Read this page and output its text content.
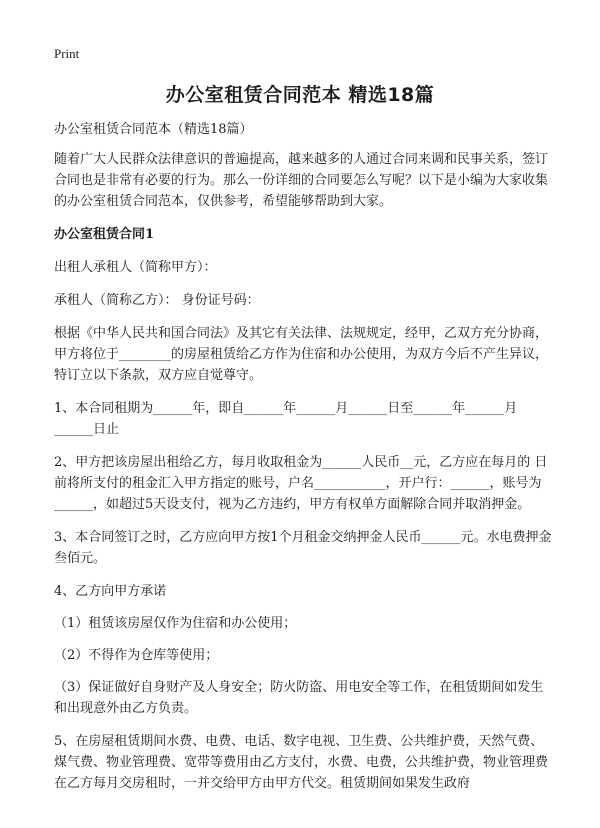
Print
办公室租赁合同范本 精选18篇

办公室租赁合同范本（精选18篇）

随着广大人民群众法律意识的普遍提高，越来越多的人通过合同来调和民事关系，签订合同也是非常有必要的行为。那么一份详细的合同要怎么写呢？以下是小编为大家收集的办公室租赁合同范本，仅供参考，希望能够帮助到大家。

办公室租赁合同1

出租人承租人（简称甲方）：

承租人（简称乙方）： 身份证号码：

根据《中华人民共和国合同法》及其它有关法律、法规规定，经甲，乙双方充分协商，甲方将位于________的房屋租赁给乙方作为住宿和办公使用，为双方今后不产生异议，特订立以下条款，双方应自觉尊守。

1、本合同租期为______年，即自______年______月______日至______年______月______日止

2、甲方把该房屋出租给乙方，每月收取租金为______人民币__元，乙方应在每月的 日前将所支付的租金汇入甲方指定的账号，户名___________，开户行：______，账号为______，如超过5天设支付，视为乙方违约，甲方有权单方面解除合同并取消押金。

3、本合同签订之时，乙方应向甲方按1个月租金交纳押金人民币______元。水电费押金叁佰元。

4、乙方向甲方承诺

（1）租赁该房屋仅作为住宿和办公使用；

（2）不得作为仓库等使用；

（3）保证做好自身财产及人身安全；防火防盗、用电安全等工作，在租赁期间如发生和出现意外由乙方负责。

5、在房屋租赁期间水费、电费、电话、数字电视、卫生费、公共维护费，天然气费、煤气费、物业管理费、宽带等费用由乙方支付，水费、电费，公共维护费，物业管理费在乙方每月交房租时，一并交给甲方由甲方代交。租赁期间如果发生政府
